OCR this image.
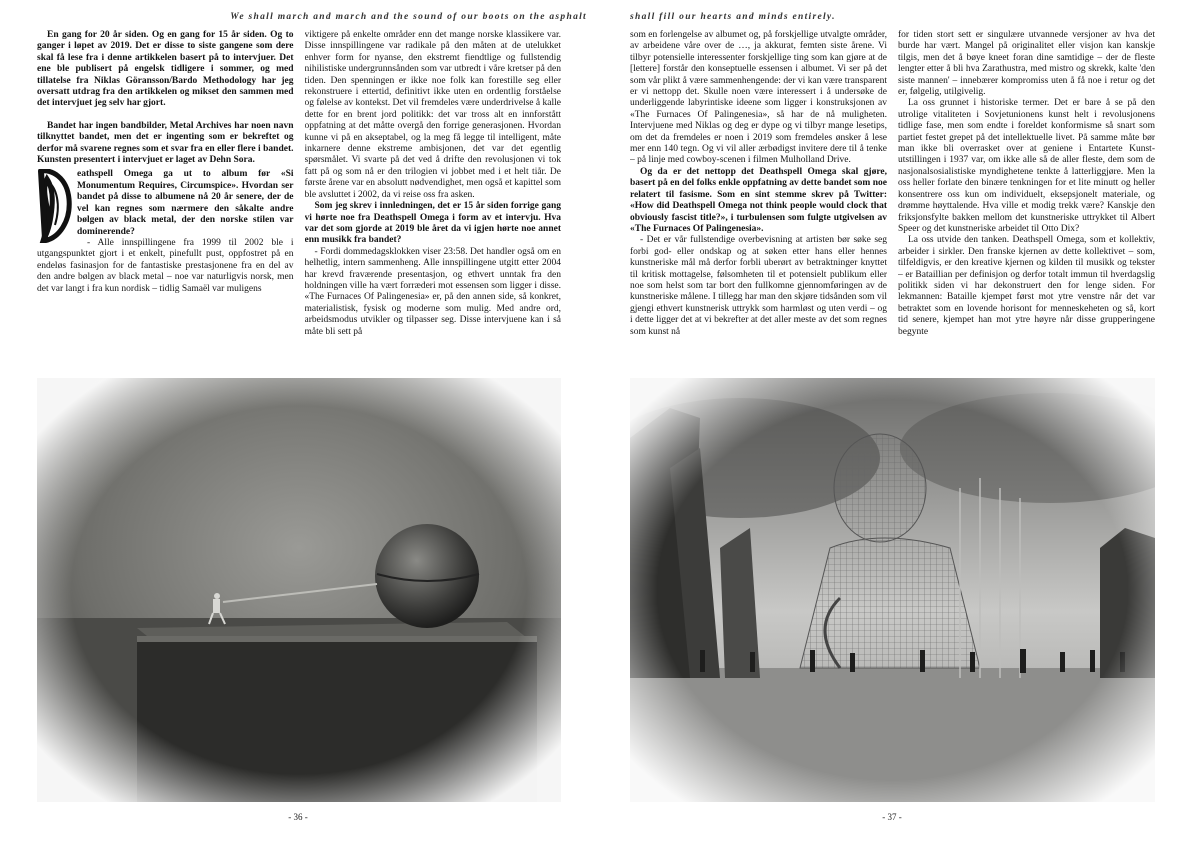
We shall march and march and the sound of our boots on the asphalt

En gang for 20 år siden. Og en gang for 15 år siden. Og to ganger i løpet av 2019. Det er disse to siste gangene som dere skal få lese fra i denne artikkelen basert på to intervjuer. Det ene ble publisert på engelsk tidligere i sommer, og med tillatelse fra Niklas Göransson/Bardo Methodology har jeg oversatt utdrag fra den artikkelen og mikset den sammen med det intervjuet jeg selv har gjort.

Bandet har ingen bandbilder, Metal Archives har noen navn tilknyttet bandet, men det er ingenting som er bekreftet og derfor må svarene regnes som et svar fra en eller flere i bandet. Kunsten presentert i intervjuet er laget av Dehn Sora.

eathspell Omega ga ut to album før «Si Monumentum Requires, Circumspice». Hvordan ser bandet på disse to albumene nå 20 år senere, der de vel kan regnes som nærmere den såkalte andre bølgen av black metal, der den norske stilen var dominerende?

- Alle innspillingene fra 1999 til 2002 ble i utgangspunktet gjort i et enkelt, pinefullt pust, oppfostret på en endeløs fasinasjon for de fantastiske prestasjonene fra en del av den andre bølgen av black metal – noe var naturligvis norsk, men det var langt i fra kun nordisk – tidlig Samaël var muligens

viktigere på enkelte områder enn det mange norske klassikere var. Disse innspillingene var radikale på den måten at de utelukket enhver form for nyanse, den ekstremt fiendtlige og fullstendig nihilistiske undergrunnsånden som var utbredt i våre kretser på den tiden. Den spenningen er ikke noe folk kan forestille seg eller rekonstruere i ettertid, definitivt ikke uten en ordentlig forståelse og følelse av kontekst. Det vil fremdeles være underdrivelse å kalle dette for en brent jord politikk: det var tross alt en innforstått oppfatning at det måtte overgå den forrige generasjonen. Hvordan kunne vi på en akseptabel, og la meg få legge til intelligent, måte inkarnere denne ekstreme ambisjonen, det var det egentlig spørsmålet. Vi svarte på det ved å drifte den revolusjonen vi tok fatt på og som nå er den trilogien vi jobbet med i et helt tiår. De første årene var en absolutt nødvendighet, men også et kapittel som ble avsluttet i 2002, da vi reise oss fra asken.

Som jeg skrev i innledningen, det er 15 år siden forrige gang vi hørte noe fra Deathspell Omega i form av et intervju. Hva var det som gjorde at 2019 ble året da vi igjen hørte noe annet enn musikk fra bandet?

- Fordi dommedagsklokken viser 23:58. Det handler også om en helhetlig, intern sammenheng. Alle innspillingene utgitt etter 2004 har krevd fraværende presentasjon, og ethvert unntak fra den holdningen ville ha vært forræderi mot essensen som ligger i disse. «The Furnaces Of Palingenesia» er, på den annen side, så konkret, materialistisk, fysisk og moderne som mulig. Med andre ord, arbeidsmodus utvikler og tilpasser seg. Disse intervjuene kan i så måte bli sett på

- 36 -
shall fill our hearts and minds entirely.

som en forlengelse av albumet og, på forskjellige utvalgte områder, av arbeidene våre over de …, ja akkurat, femten siste årene. Vi tilbyr potensielle interessenter forskjellige ting som kan gjøre at de [lettere] forstår den konseptuelle essensen i albumet. Vi ser på det som vår plikt å være sammenhengende: der vi kan være transparent er vi nettopp det. Skulle noen være interessert i å undersøke de underliggende labyrintiske ideene som ligger i konstruksjonen av «The Furnaces Of Palingenesia», så har de nå muligheten. Intervjuene med Niklas og deg er dype og vi tilbyr mange lesetips, om det da fremdeles er noen i 2019 som fremdeles ønsker å lese mer enn 140 tegn. Og vi vil aller ærbødigst invitere dere til å tenke – på linje med cowboy-scenen i filmen Mulholland Drive.

Og da er det nettopp det Deathspell Omega skal gjøre, basert på en del folks enkle oppfatning av dette bandet som noe relatert til fasisme. Som en sint stemme skrev på Twitter: «How did Deathspell Omega not think people would clock that obviously fascist title?», i turbulensen som fulgte utgivelsen av «The Furnaces Of Palingenesia».

- Det er vår fullstendige overbevisning at artisten bør søke seg forbi god- eller ondskap og at søken etter hans eller hennes kunstneriske mål må derfor forbli uberørt av betraktninger knyttet til kritisk mottagelse, følsomheten til et potensielt publikum eller noe som helst som tar bort den fullkomne gjennomføringen av de kunstneriske målene. I tillegg har man den skjøre tidsånden som vil gjengi ethvert kunstnerisk uttrykk som harmløst og uten verdi – og i dette ligger det at vi bekrefter at det aller meste av det som regnes som kunst nå

for tiden stort sett er singulære utvannede versjoner av hva det burde har vært. Mangel på originalitet eller visjon kan kanskje tilgis, men det å bøye kneet foran dine samtidige – der de fleste lengter etter å bli hva Zarathustra, med mistro og skrekk, kalte 'den siste mannen' – innebærer kompromiss uten å få noe i retur og det er, følgelig, utilgivelig.

La oss grunnet i historiske termer. Det er bare å se på den utrolige vitaliteten i Sovjetunionens kunst helt i revolusjonens tidlige fase, men som endte i foreldet konformisme så snart som partiet festet grepet på det intellektuelle livet. På samme måte bør man ikke bli overrasket over at geniene i Entartete Kunst-utstillingen i 1937 var, om ikke alle så de aller fleste, dem som de nasjonalsosialistiske myndighetene tenkte å latterliggjøre. Men la oss heller forlate den binære tenkningen for et lite minutt og heller konsentrere oss kun om individuelt, eksepsjonelt materiale, og drømme høyttalende. Hva ville et modig trekk være? Kanskje den friksjonsfylte bakken mellom det kunstneriske uttrykket til Albert Speer og det kunstneriske arbeidet til Otto Dix?

La oss utvide den tanken. Deathspell Omega, som et kollektiv, arbeider i sirkler. Den franske kjernen av dette kollektivet – som, tilfeldigvis, er den kreative kjernen og kilden til musikk og tekster – er Bataillian per definisjon og derfor totalt immun til hverdagslig politikk siden vi har dekonstruert den for lenge siden. For lekmannen: Bataille kjempet først mot ytre venstre når det var betraktet som en lovende horisont for menneskeheten og så, kort tid senere, kjempet han mot ytre høyre når disse grupperingene begynte

- 37 -
